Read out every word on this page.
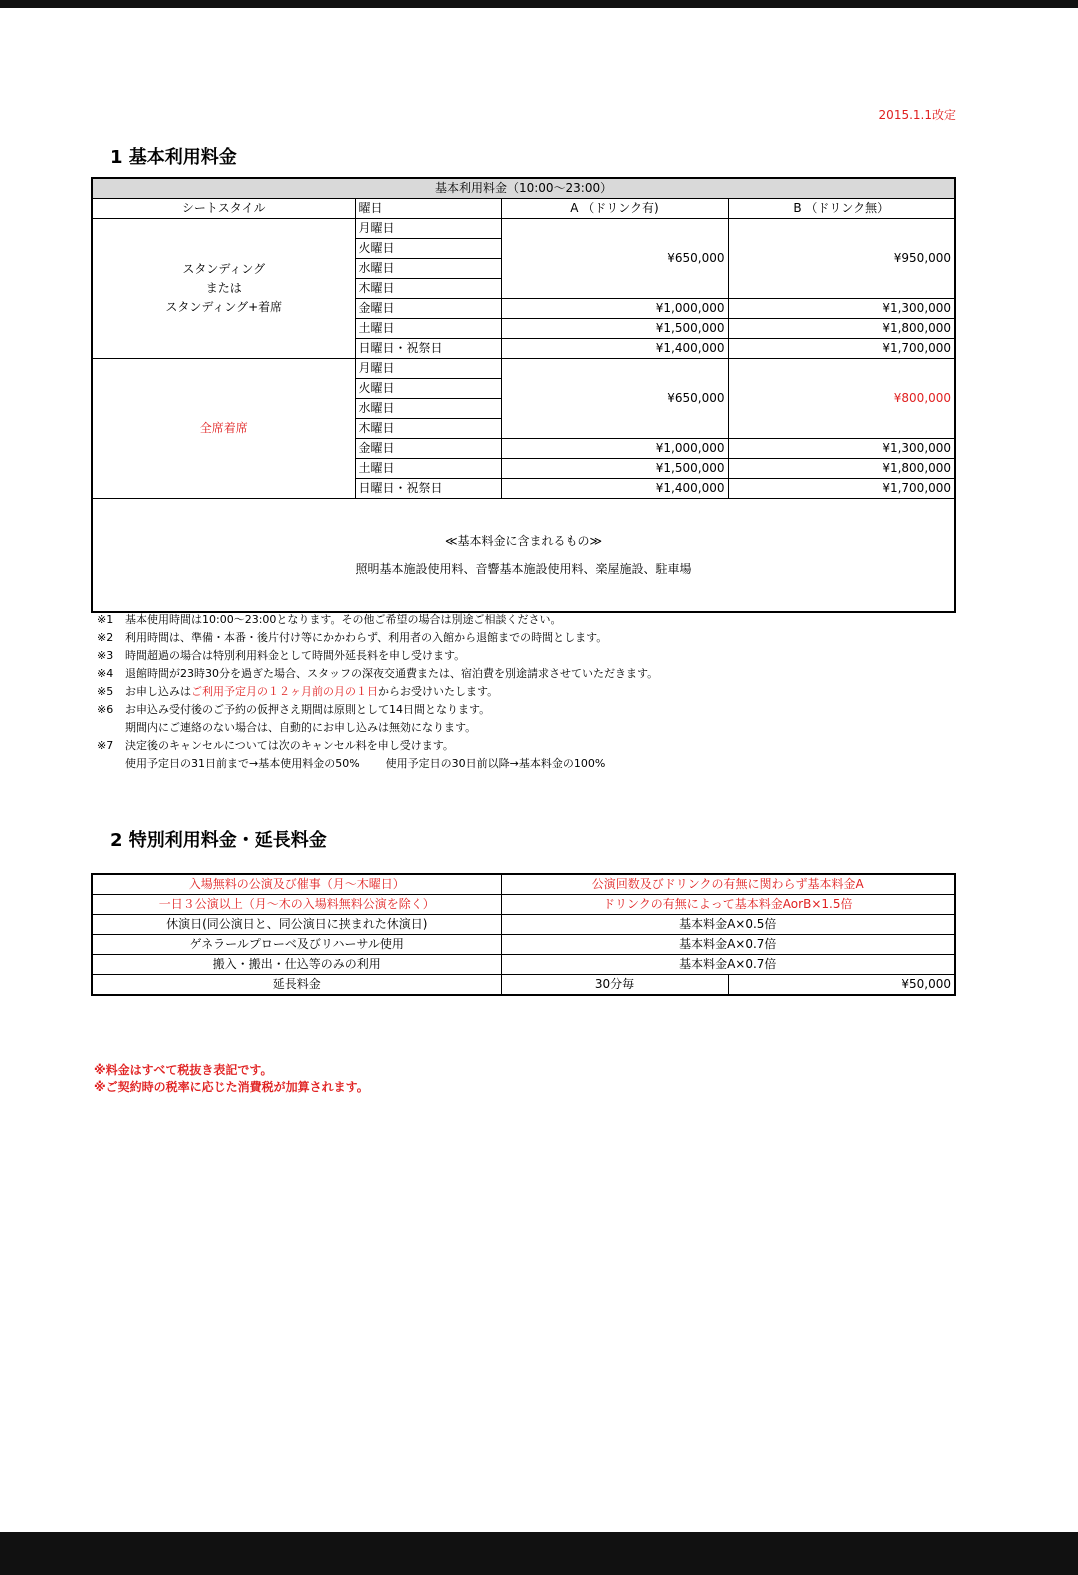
2015.1.1改定
1 基本利用料金
基本利用料金（10:00〜23:00）			
シートスタイル	曜日	A （ドリンク有)	B （ドリンク無）

スタンディング
または
スタンディング+着席	月曜日	¥650,000	¥950,000
	火曜日		
	水曜日		
	木曜日		
	金曜日	¥1,000,000	¥1,300,000
	土曜日	¥1,500,000	¥1,800,000
	日曜日・祝祭日	¥1,400,000	¥1,700,000
全席着席	月曜日	¥650,000	¥800,000
	火曜日		
	水曜日		
	木曜日		
	金曜日	¥1,000,000	¥1,300,000
	土曜日	¥1,500,000	¥1,800,000
	日曜日・祝祭日	¥1,400,000	¥1,700,000

≪基本料金に含まれるもの≫
照明基本施設使用料、音響基本施設使用料、楽屋施設、駐車場			
※1 基本使用時間は10:00〜23:00となります。その他ご希望の場合は別途ご相談ください。
※2 利用時間は、準備・本番・後片付け等にかかわらず、利用者の入館から退館までの時間とします。
※3 時間超過の場合は特別利用料金として時間外延長料を申し受けます。
※4 退館時間が23時30分を過ぎた場合、スタッフの深夜交通費または、宿泊費を別途請求させていただきます。
※5 お申し込みはご利用予定月の１２ヶ月前の月の１日からお受けいたします。
※6 お申込み受付後のご予約の仮押さえ期間は原則として14日間となります。
期間内にご連絡のない場合は、自動的にお申し込みは無効になります。
※7 決定後のキャンセルについては次のキャンセル料を申し受けます。
使用予定日の31日前まで→基本使用料金の50% 使用予定日の30日前以降→基本料金の100%
2 特別利用料金・延長料金
入場無料の公演及び催事（月〜木曜日）	公演回数及びドリンクの有無に関わらず基本料金A	
一日３公演以上（月〜木の入場料無料公演を除く）	ドリンクの有無によって基本料金AorB×1.5倍	
休演日(同公演日と、同公演日に挟まれた休演日)	基本料金A×0.5倍	
ゲネラールプローベ及びリハーサル使用	基本料金A×0.7倍	
搬入・搬出・仕込等のみの利用	基本料金A×0.7倍	
延長料金	30分毎	¥50,000
※料金はすべて税抜き表記です。
※ご契約時の税率に応じた消費税が加算されます。
